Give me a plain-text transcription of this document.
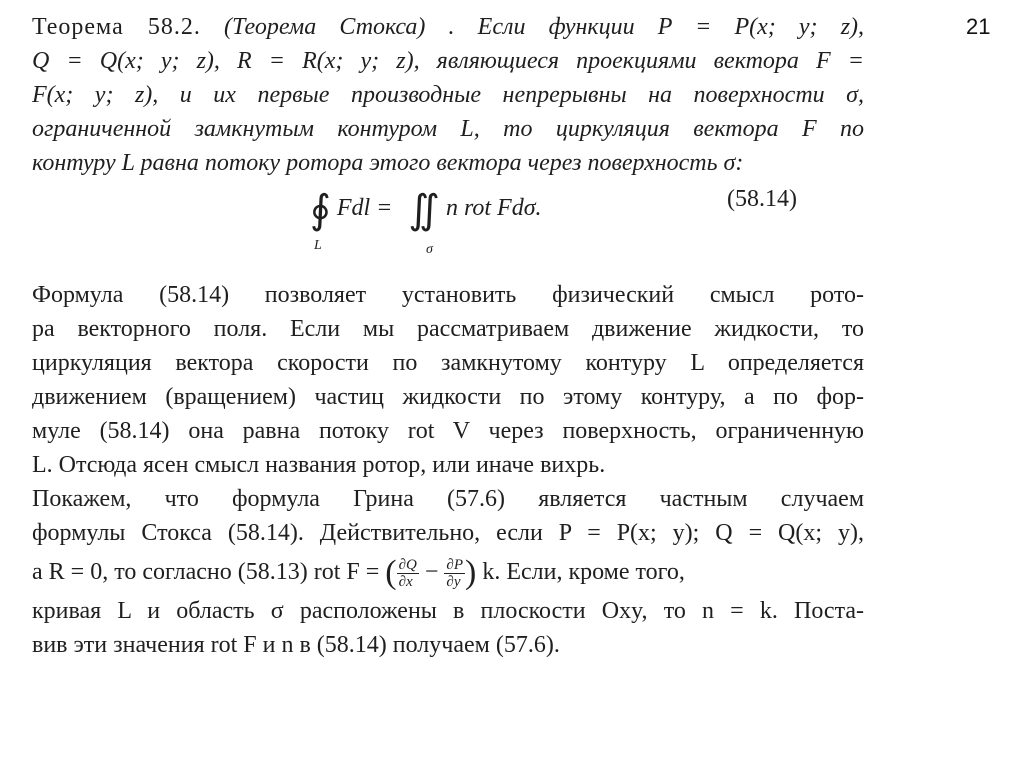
21
Теорема 58.2. (Теорема Стокса) . Если функции P = P(x; y; z),
Q = Q(x; y; z), R = R(x; y; z), являющиеся проекциями вектора F =
F(x; y; z), и их первые производные непрерывны на поверхности σ,
ограниченной замкнутым контуром L, то циркуляция вектора F по
контуру L равна потоку ротора этого вектора через поверхность σ:
∮
L
Fdl = ∬
σ
n rot Fdσ.	(58.14)
Формула (58.14) позволяет установить физический смысл рото-
ра векторного поля. Если мы рассматриваем движение жидкости, то
циркуляция вектора скорости по замкнутому контуру L определяется
движением (вращением) частиц жидкости по этому контуру, а по фор-
муле (58.14) она равна потоку rot V через поверхность, ограниченную
L. Отсюда ясен смысл названия ротор, или иначе вихрь.
Покажем, что формула Грина (57.6) является частным случаем
формулы Стокса (58.14). Действительно, если P = P(x; y); Q = Q(x; y),
а R = 0, то согласно (58.13) rot F = ( $\frac{\partial Q}{\partial x} - \frac{\partial P}{\partial y}$ ) k. Если, кроме того,
кривая L и область σ расположены в плоскости Oxy, то n = k. Поста-
вив эти значения rot F и n в (58.14) получаем (57.6).
